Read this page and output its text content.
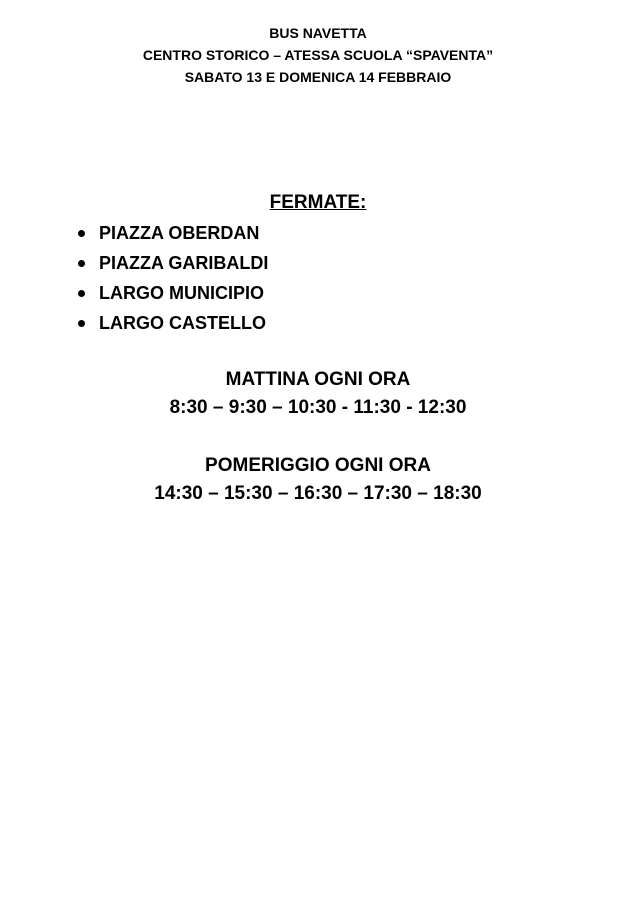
BUS NAVETTA
CENTRO STORICO – ATESSA SCUOLA “SPAVENTA”
SABATO 13 E DOMENICA 14 FEBBRAIO
FERMATE:
PIAZZA OBERDAN
PIAZZA GARIBALDI
LARGO MUNICIPIO
LARGO CASTELLO
MATTINA OGNI ORA
8:30 – 9:30 – 10:30 - 11:30 - 12:30
POMERIGGIO OGNI ORA
14:30 – 15:30 – 16:30 – 17:30 – 18:30
